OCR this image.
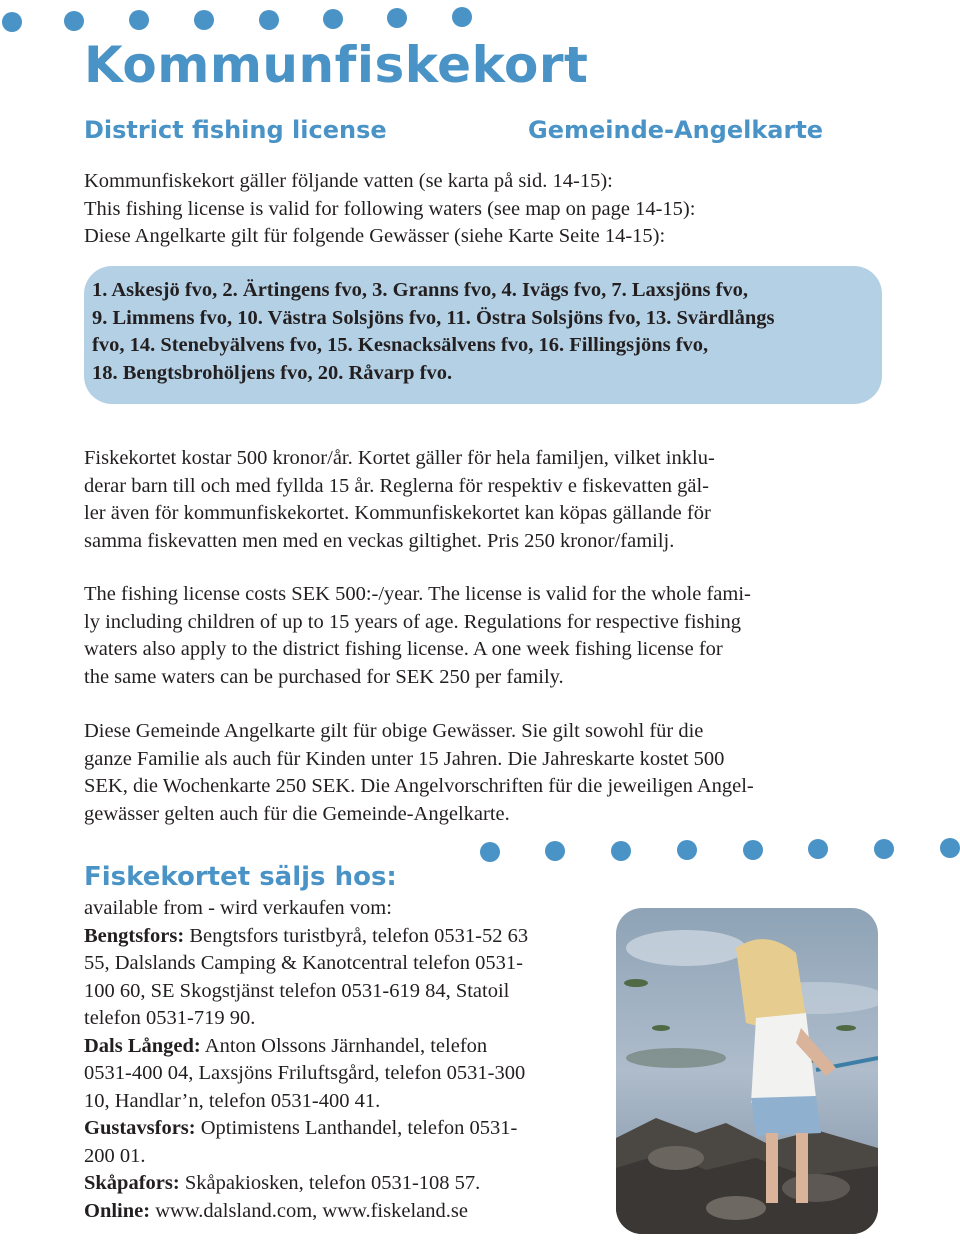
Kommunfiskekort
District fishing license	Gemeinde-Angelkarte
Kommunfiskekort gäller följande vatten (se karta på sid. 14-15):
This fishing license is valid for following waters (see map on page 14-15):
Diese Angelkarte gilt für folgende Gewässer (siehe Karte Seite 14-15):
1. Askesjö fvo, 2. Ärtingens fvo, 3. Granns fvo, 4. Ivägs fvo, 7. Laxsjöns fvo,
9. Limmens fvo, 10. Västra Solsjöns fvo, 11. Östra Solsjöns fvo, 13. Svärdlångs
fvo, 14. Stenebyälvens fvo, 15. Kesnacksälvens fvo, 16. Fillingsjöns fvo,
18. Bengtsbrohöljens fvo, 20. Råvarp fvo.
Fiskekortet kostar 500 kronor/år. Kortet gäller för hela familjen, vilket inklu-
derar barn till och med fyllda 15 år. Reglerna för respektiv e fiskevatten gäl-
ler även för kommunfiskekortet. Kommunfiskekortet kan köpas gällande för
samma fiskevatten men med en veckas giltighet. Pris 250 kronor/familj.
The fishing license costs SEK 500:-/year. The license is valid for the whole fami-
ly including children of up to 15 years of age. Regulations for respective fishing
waters also apply to the district fishing license. A one week fishing license for
the same waters can be purchased for SEK 250 per family.
Diese Gemeinde Angelkarte gilt für obige Gewässer. Sie gilt sowohl für die
ganze Familie als auch für Kinden unter 15 Jahren. Die Jahreskarte kostet 500
SEK, die Wochenkarte 250 SEK. Die Angelvorschriften für die jeweiligen Angel-
gewässer gelten auch für die Gemeinde-Angelkarte.
Fiskekortet säljs hos:
available from - wird verkaufen vom:
Bengtsfors: Bengtsfors turistbyrå, telefon 0531-52 63
55, Dalslands Camping & Kanotcentral telefon 0531-
100 60, SE Skogstjänst telefon 0531-619 84, Statoil
telefon 0531-719 90.
Dals Långed: Anton Olssons Järnhandel, telefon
0531-400 04, Laxsjöns Friluftsgård, telefon 0531-300
10, Handlar’n, telefon 0531-400 41.
Gustavsfors: Optimistens Lanthandel, telefon 0531-
200 01.
Skåpafors: Skåpakiosken, telefon 0531-108 57.
Online: www.dalsland.com, www.fiskeland.se
